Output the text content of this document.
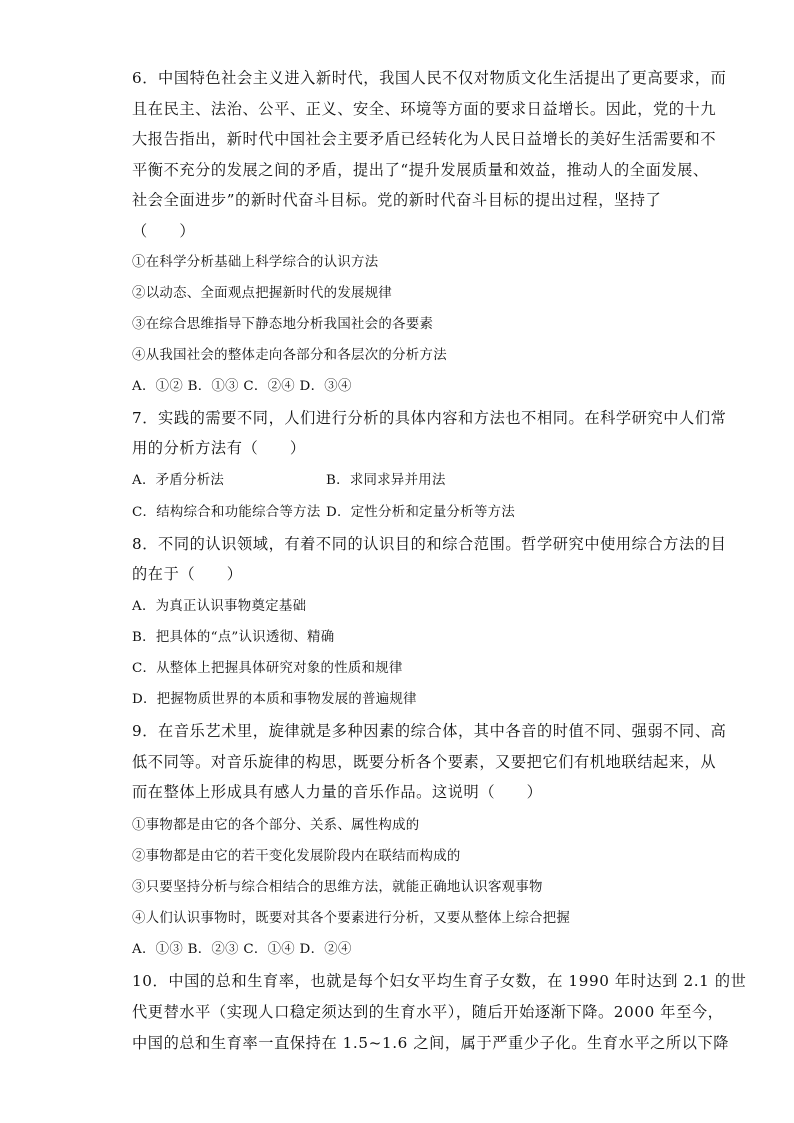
6．中国特色社会主义进入新时代，我国人民不仅对物质文化生活提出了更高要求，而
且在民主、法治、公平、正义、安全、环境等方面的要求日益增长。因此，党的十九
大报告指出，新时代中国社会主要矛盾已经转化为人民日益增长的美好生活需要和不
平衡不充分的发展之间的矛盾，提出了“提升发展质量和效益，推动人的全面发展、
社会全面进步”的新时代奋斗目标。党的新时代奋斗目标的提出过程，坚持了
（　　）
①在科学分析基础上科学综合的认识方法
②以动态、全面观点把握新时代的发展规律
③在综合思维指导下静态地分析我国社会的各要素
④从我国社会的整体走向各部分和各层次的分析方法
A．①② B．①③ C．②④ D．③④
7．实践的需要不同，人们进行分析的具体内容和方法也不相同。在科学研究中人们常
用的分析方法有（　　）
A．矛盾分析法	B．求同求异并用法
C．结构综合和功能综合等方法 D．定性分析和定量分析等方法
8．不同的认识领域，有着不同的认识目的和综合范围。哲学研究中使用综合方法的目
的在于（　　）
A．为真正认识事物奠定基础
B．把具体的“点”认识透彻、精确
C．从整体上把握具体研究对象的性质和规律
D．把握物质世界的本质和事物发展的普遍规律
9．在音乐艺术里，旋律就是多种因素的综合体，其中各音的时值不同、强弱不同、高
低不同等。对音乐旋律的构思，既要分析各个要素，又要把它们有机地联结起来，从
而在整体上形成具有感人力量的音乐作品。这说明（　　）
①事物都是由它的各个部分、关系、属性构成的
②事物都是由它的若干变化发展阶段内在联结而构成的
③只要坚持分析与综合相结合的思维方法，就能正确地认识客观事物
④人们认识事物时，既要对其各个要素进行分析，又要从整体上综合把握
A．①③ B．②③ C．①④ D．②④
10．中国的总和生育率，也就是每个妇女平均生育子女数，在 1990 年时达到 2.1 的世
代更替水平（实现人口稳定须达到的生育水平），随后开始逐渐下降。2000 年至今，
中国的总和生育率一直保持在 1.5~1.6 之间，属于严重少子化。生育水平之所以下降
